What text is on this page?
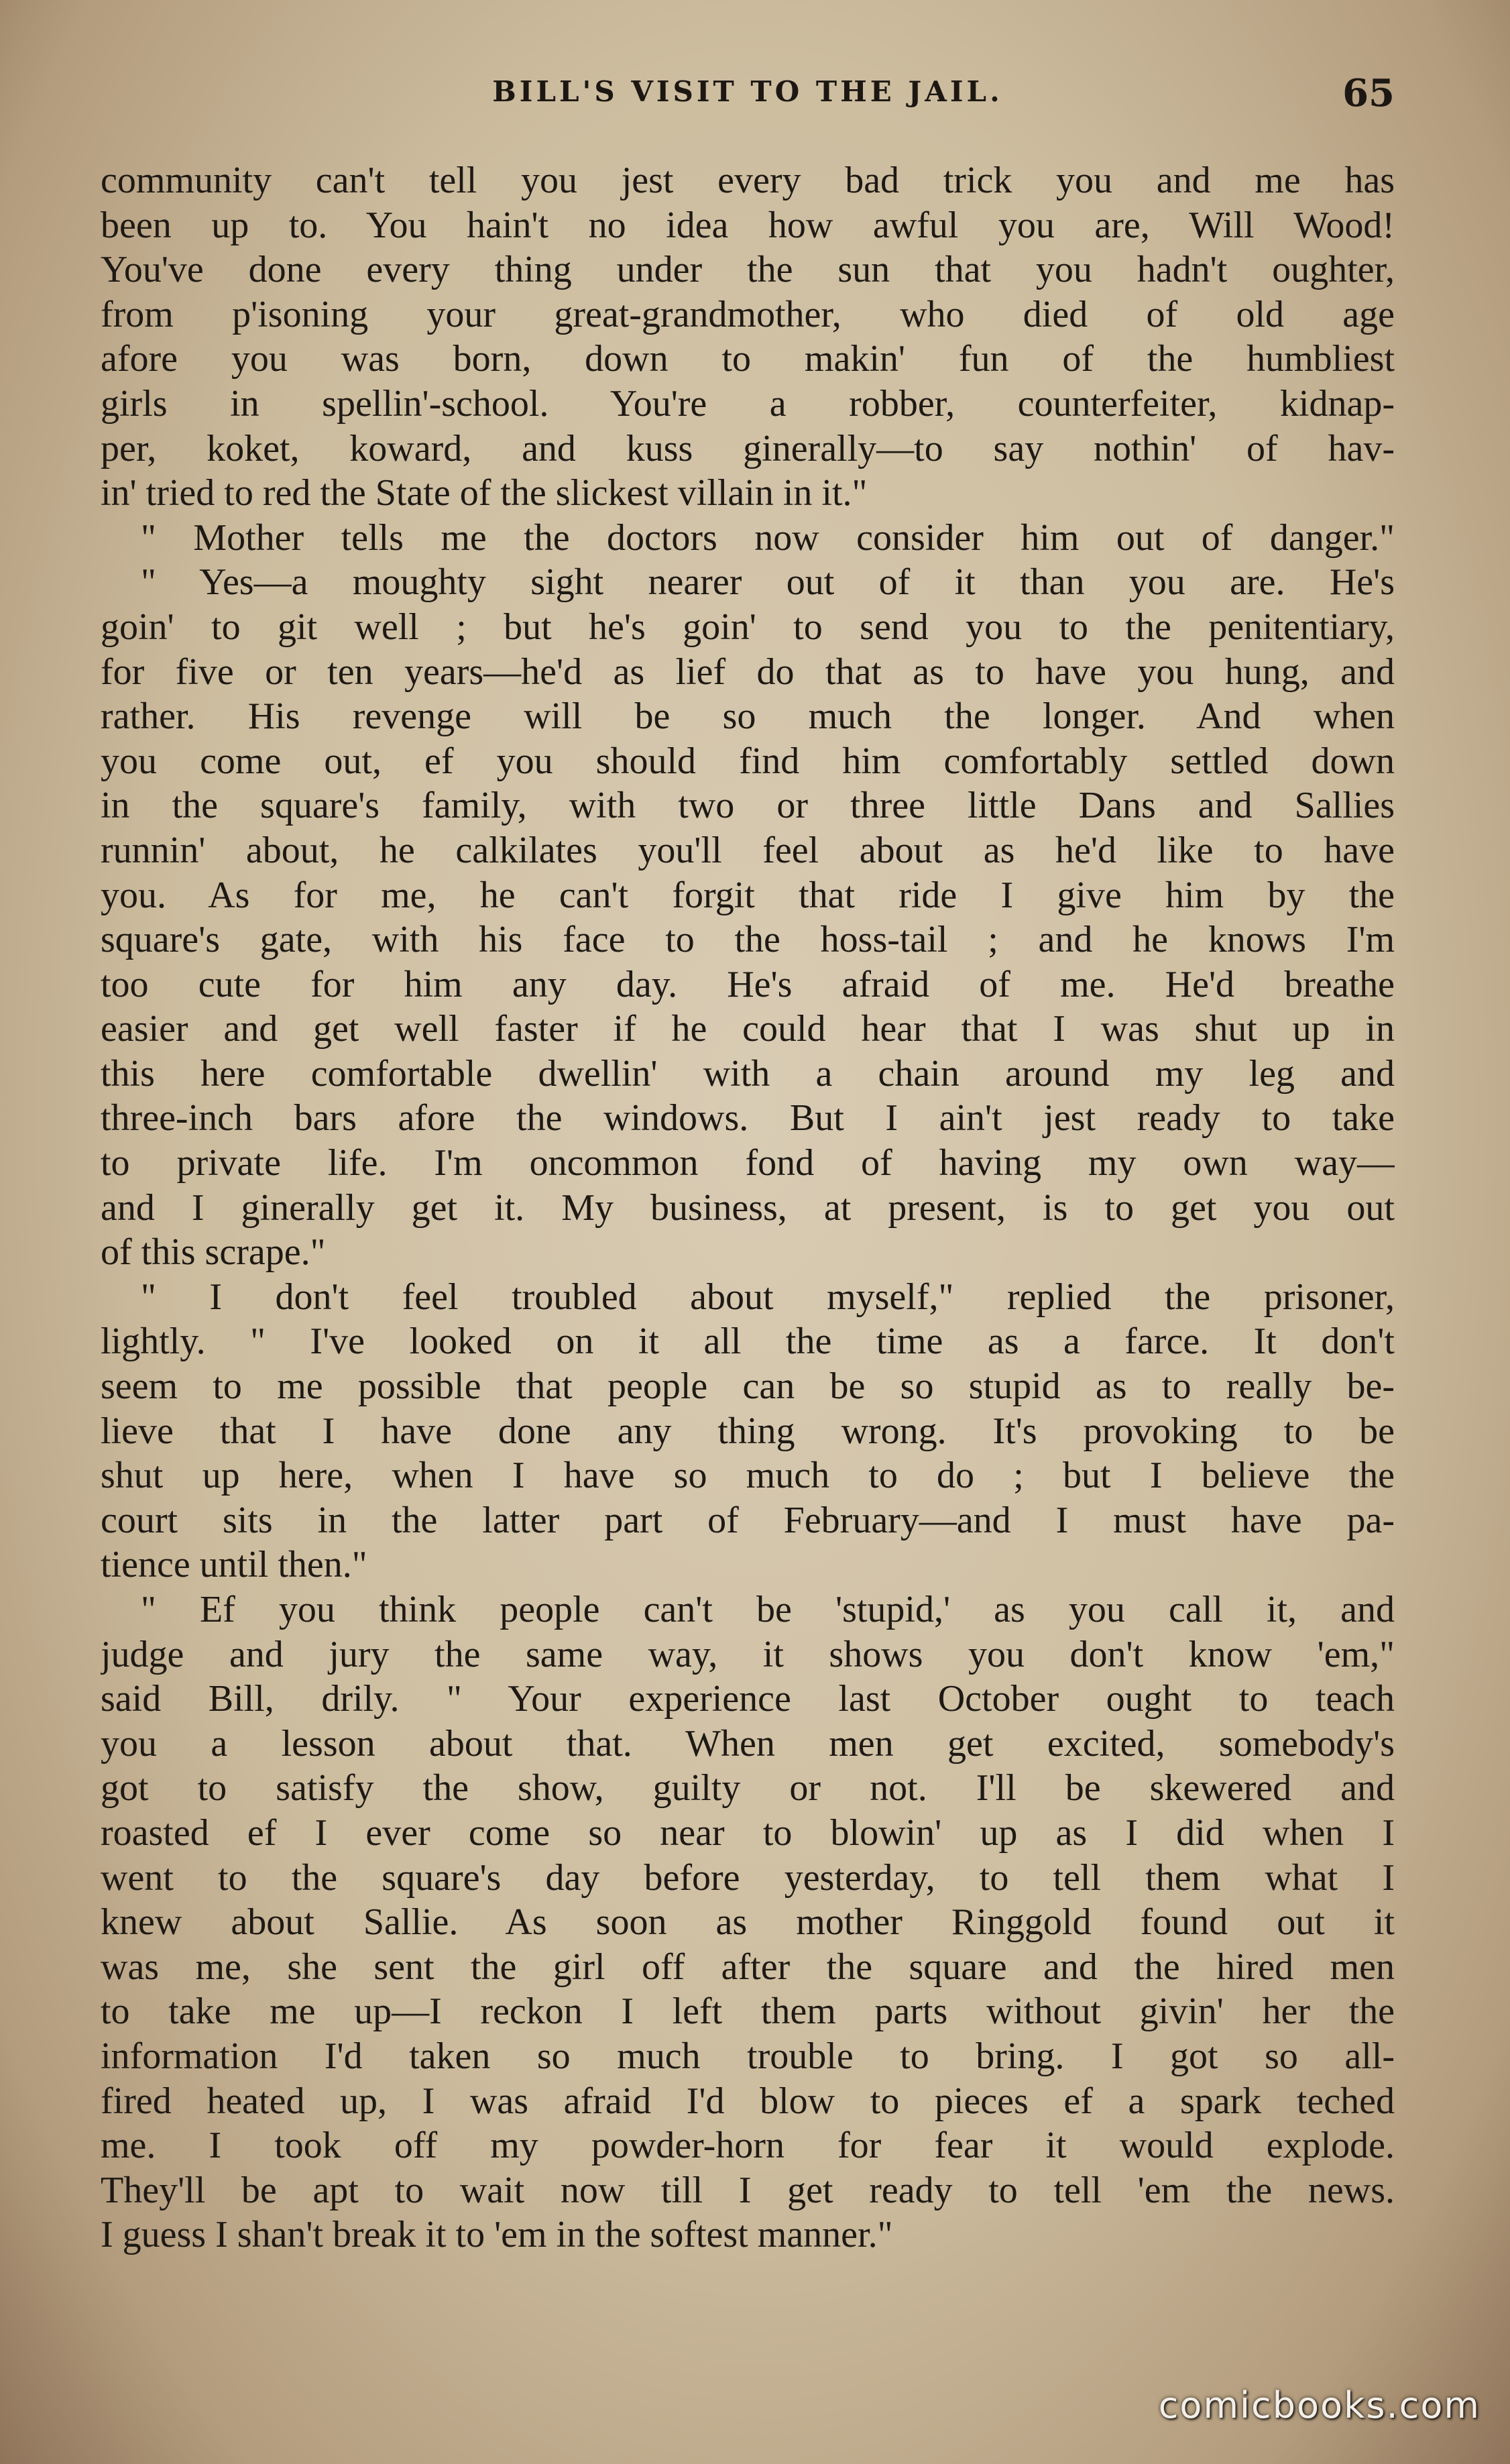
BILL'S VISIT TO THE JAIL.	65
community can't tell you jest every bad trick you and me has
been up to. You hain't no idea how awful you are, Will Wood!
You've done every thing under the sun that you hadn't oughter,
from p'isoning your great-grandmother, who died of old age
afore you was born, down to makin' fun of the humbliest
girls in spellin'-school. You're a robber, counterfeiter, kidnap-
per, koket, koward, and kuss ginerally—to say nothin' of hav-
in' tried to red the State of the slickest villain in it."
" Mother tells me the doctors now consider him out of danger."
" Yes—a moughty sight nearer out of it than you are. He's
goin' to git well ; but he's goin' to send you to the penitentiary,
for five or ten years—he'd as lief do that as to have you hung, and
rather. His revenge will be so much the longer. And when
you come out, ef you should find him comfortably settled down
in the square's family, with two or three little Dans and Sallies
runnin' about, he calkilates you'll feel about as he'd like to have
you. As for me, he can't forgit that ride I give him by the
square's gate, with his face to the hoss-tail ; and he knows I'm
too cute for him any day. He's afraid of me. He'd breathe
easier and get well faster if he could hear that I was shut up in
this here comfortable dwellin' with a chain around my leg and
three-inch bars afore the windows. But I ain't jest ready to take
to private life. I'm oncommon fond of having my own way—
and I ginerally get it. My business, at present, is to get you out
of this scrape."
" I don't feel troubled about myself," replied the prisoner,
lightly. " I've looked on it all the time as a farce. It don't
seem to me possible that people can be so stupid as to really be-
lieve that I have done any thing wrong. It's provoking to be
shut up here, when I have so much to do ; but I believe the
court sits in the latter part of February—and I must have pa-
tience until then."
" Ef you think people can't be 'stupid,' as you call it, and
judge and jury the same way, it shows you don't know 'em,"
said Bill, drily. " Your experience last October ought to teach
you a lesson about that. When men get excited, somebody's
got to satisfy the show, guilty or not. I'll be skewered and
roasted ef I ever come so near to blowin' up as I did when I
went to the square's day before yesterday, to tell them what I
knew about Sallie. As soon as mother Ringgold found out it
was me, she sent the girl off after the square and the hired men
to take me up—I reckon I left them parts without givin' her the
information I'd taken so much trouble to bring. I got so all-
fired heated up, I was afraid I'd blow to pieces ef a spark teched
me. I took off my powder-horn for fear it would explode.
They'll be apt to wait now till I get ready to tell 'em the news.
I guess I shan't break it to 'em in the softest manner."
comicbooks.com
